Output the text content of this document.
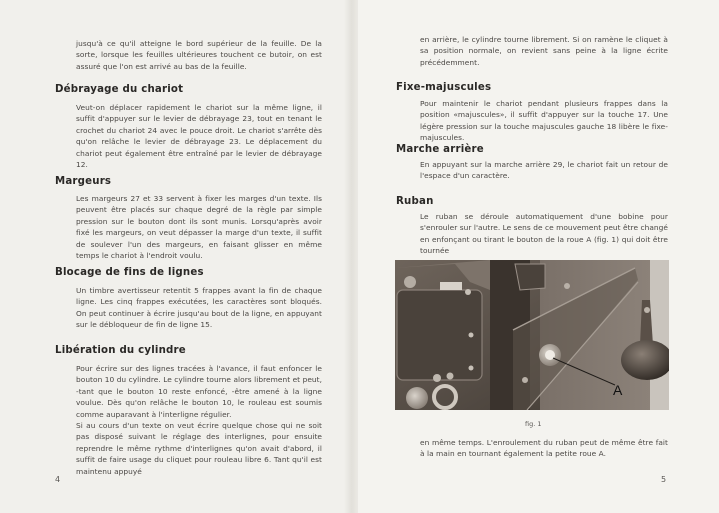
jusqu'à ce qu'il atteigne le bord supérieur de la feuille. De la sorte, lorsque les feuilles ultérieures touchent ce butoir, on est assuré que l'on est arrivé au bas de la feuille.
Débrayage du chariot
Veut-on déplacer rapidement le chariot sur la même ligne, il suffit d'appuyer sur le levier de débrayage 23, tout en tenant le crochet du chariot 24 avec le pouce droit. Le chariot s'arrête dès qu'on relâche le levier de débrayage 23. Le déplacement du chariot peut également être entraîné par le levier de débrayage 12.
Margeurs
Les margeurs 27 et 33 servent à fixer les marges d'un texte. Ils peuvent être placés sur chaque degré de la règle par simple pression sur le bouton dont ils sont munis. Lorsqu'après avoir fixé les margeurs, on veut dépasser la marge d'un texte, il suffit de soulever l'un des margeurs, en faisant glisser en même temps le chariot à l'endroit voulu.
Blocage de fins de lignes
Un timbre avertisseur retentit 5 frappes avant la fin de chaque ligne. Les cinq frappes exécutées, les caractères sont bloqués. On peut continuer à écrire jusqu'au bout de la ligne, en appuyant sur le débloqueur de fin de ligne 15.
Libération du cylindre
Pour écrire sur des lignes tracées à l'avance, il faut enfoncer le bouton 10 du cylindre. Le cylindre tourne alors librement et peut, -tant que le bouton 10 reste enfoncé, -être amené à la ligne voulue. Dès qu'on relâche le bouton 10, le rouleau est soumis comme auparavant à l'interligne régulier.
Si au cours d'un texte on veut écrire quelque chose qui ne soit pas disposé suivant le réglage des interlignes, pour ensuite reprendre le même rythme d'interlignes qu'on avait d'abord, il suffit de faire usage du cliquet pour rouleau libre 6. Tant qu'il est maintenu appuyé
4
en arrière, le cylindre tourne librement. Si on ramène le cliquet à sa position normale, on revient sans peine à la ligne écrite précédemment.
Fixe-majuscules
Pour maintenir le chariot pendant plusieurs frappes dans la position «majuscules», il suffit d'appuyer sur la touche 17. Une légère pression sur la touche majuscules gauche 18 libère le fixe-majuscules.
Marche arrière
En appuyant sur la marche arrière 29, le chariot fait un retour de l'espace d'un caractère.
Ruban
Le ruban se déroule automatiquement d'une bobine pour s'enrouler sur l'autre. Le sens de ce mouvement peut être changé en enfonçant ou tirant le bouton de la roue A (fig. 1) qui doit être tournée
A
fig. 1
en même temps. L'enroulement du ruban peut de même être fait à la main en tournant également la petite roue A.
5
